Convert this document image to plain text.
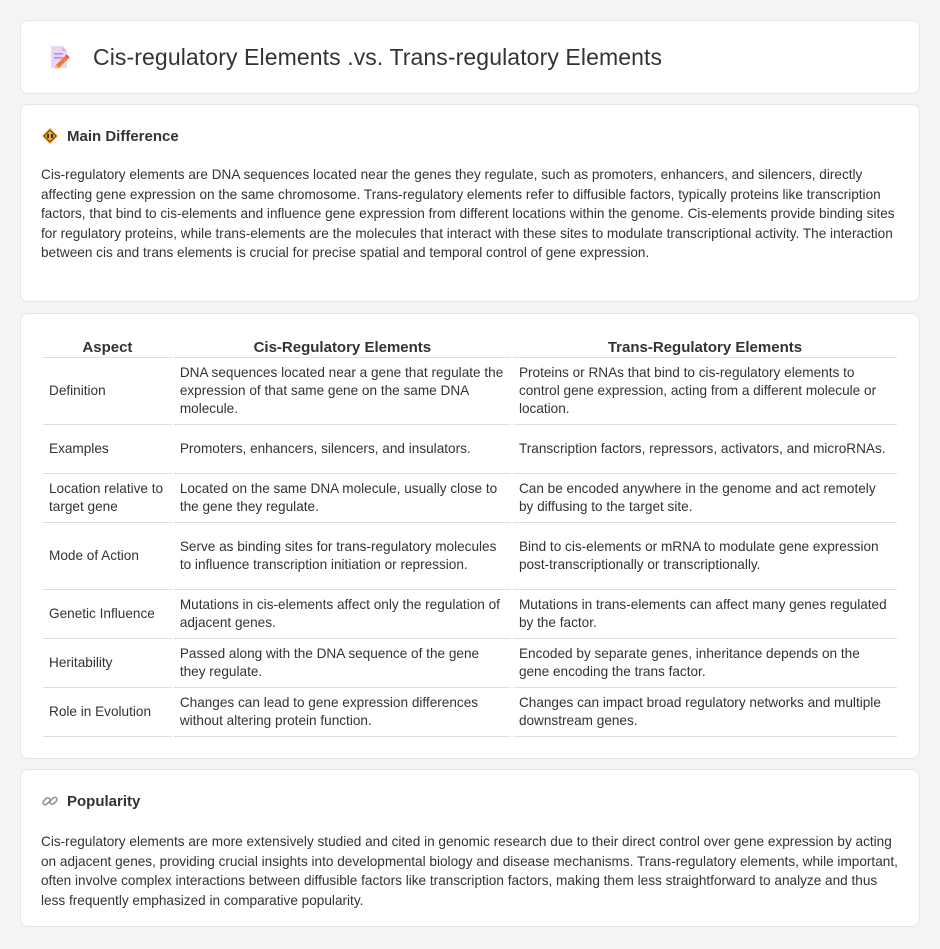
Cis-regulatory Elements .vs. Trans-regulatory Elements
Main Difference

Cis-regulatory elements are DNA sequences located near the genes they regulate, such as promoters, enhancers, and silencers, directly affecting gene expression on the same chromosome. Trans-regulatory elements refer to diffusible factors, typically proteins like transcription factors, that bind to cis-elements and influence gene expression from different locations within the genome. Cis-elements provide binding sites for regulatory proteins, while trans-elements are the molecules that interact with these sites to modulate transcriptional activity. The interaction between cis and trans elements is crucial for precise spatial and temporal control of gene expression.

Aspect	Cis-Regulatory Elements	Trans-Regulatory Elements
Definition	DNA sequences located near a gene that regulate the expression of that same gene on the same DNA molecule.	Proteins or RNAs that bind to cis-regulatory elements to control gene expression, acting from a different molecule or location.
Examples	Promoters, enhancers, silencers, and insulators.	Transcription factors, repressors, activators, and microRNAs.
Location relative to target gene	Located on the same DNA molecule, usually close to the gene they regulate.	Can be encoded anywhere in the genome and act remotely by diffusing to the target site.
Mode of Action	Serve as binding sites for trans-regulatory molecules to influence transcription initiation or repression.	Bind to cis-elements or mRNA to modulate gene expression post-transcriptionally or transcriptionally.
Genetic Influence	Mutations in cis-elements affect only the regulation of adjacent genes.	Mutations in trans-elements can affect many genes regulated by the factor.
Heritability	Passed along with the DNA sequence of the gene they regulate.	Encoded by separate genes, inheritance depends on the gene encoding the trans factor.
Role in Evolution	Changes can lead to gene expression differences without altering protein function.	Changes can impact broad regulatory networks and multiple downstream genes.
Popularity

Cis-regulatory elements are more extensively studied and cited in genomic research due to their direct control over gene expression by acting on adjacent genes, providing crucial insights into developmental biology and disease mechanisms. Trans-regulatory elements, while important, often involve complex interactions between diffusible factors like transcription factors, making them less straightforward to analyze and thus less frequently emphasized in comparative popularity.
